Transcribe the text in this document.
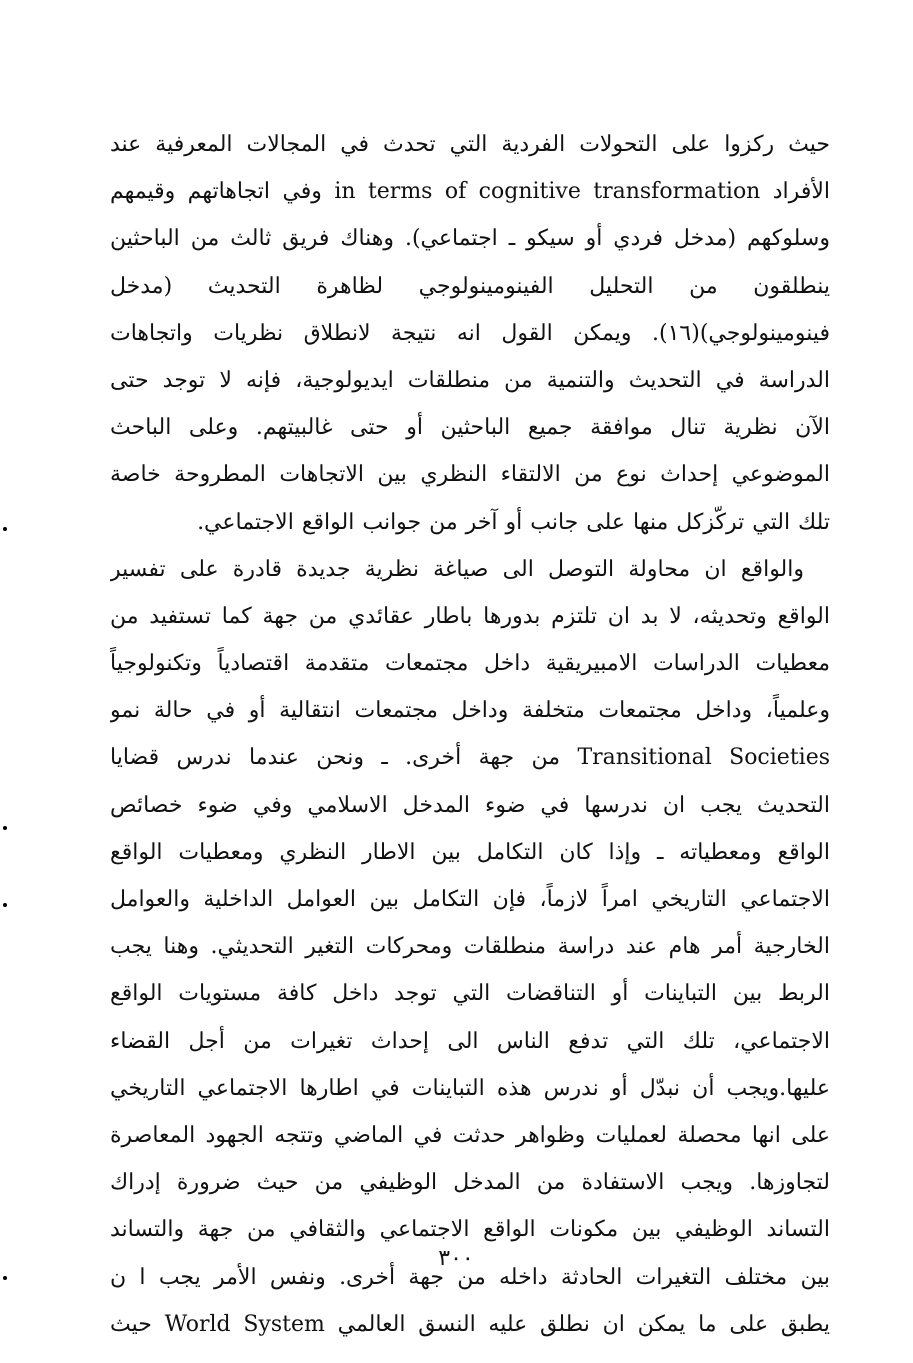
حيث ركزوا على التحولات الفردية التي تحدث في المجالات المعرفية عند
الأفراد in terms of cognitive transformation وفي اتجاهاتهم وقيمهم
وسلوكهم (مدخل فردي أو سيكو ـ اجتماعي). وهناك فريق ثالث من الباحثين
ينطلقون من التحليل الفينومينولوجي لظاهرة التحديث (مدخل
فينومينولوجي)(١٦). ويمكن القول انه نتيجة لانطلاق نظريات واتجاهات
الدراسة في التحديث والتنمية من منطلقات ايديولوجية، فإنه لا توجد حتى
الآن نظرية تنال موافقة جميع الباحثين أو حتى غالبيتهم. وعلى الباحث
الموضوعي إحداث نوع من الالتقاء النظري بين الاتجاهات المطروحة خاصة
تلك التي تركّزكل منها على جانب أو آخر من جوانب الواقع الاجتماعي.
والواقع ان محاولة التوصل الى صياغة نظرية جديدة قادرة على تفسير
الواقع وتحديثه، لا بد ان تلتزم بدورها باطار عقائدي من جهة كما تستفيد من
معطيات الدراسات الامبيريقية داخل مجتمعات متقدمة اقتصادياً وتكنولوجياً
وعلمياً، وداخل مجتمعات متخلفة وداخل مجتمعات انتقالية أو في حالة نمو
Transitional Societies من جهة أخرى. ـ ونحن عندما ندرس قضايا
التحديث يجب ان ندرسها في ضوء المدخل الاسلامي وفي ضوء خصائص
الواقع ومعطياته ـ وإذا كان التكامل بين الاطار النظري ومعطيات الواقع
الاجتماعي التاريخي امراً لازماً، فإن التكامل بين العوامل الداخلية والعوامل
الخارجية أمر هام عند دراسة منطلقات ومحركات التغير التحديثي. وهنا يجب
الربط بين التباينات أو التناقضات التي توجد داخل كافة مستويات الواقع
الاجتماعي، تلك التي تدفع الناس الى إحداث تغيرات من أجل القضاء
عليها.ويجب أن نبدّل أو ندرس هذه التباينات في اطارها الاجتماعي التاريخي
على انها محصلة لعمليات وظواهر حدثت في الماضي وتتجه الجهود المعاصرة
لتجاوزها. ويجب الاستفادة من المدخل الوظيفي من حيث ضرورة إدراك
التساند الوظيفي بين مكونات الواقع الاجتماعي والثقافي من جهة والتساند
بين مختلف التغيرات الحادثة داخله من جهة أخرى. ونفس الأمر يجب ا ن
يطبق على ما يمكن ان نطلق عليه النسق العالمي World System حيث
٣٠٠
